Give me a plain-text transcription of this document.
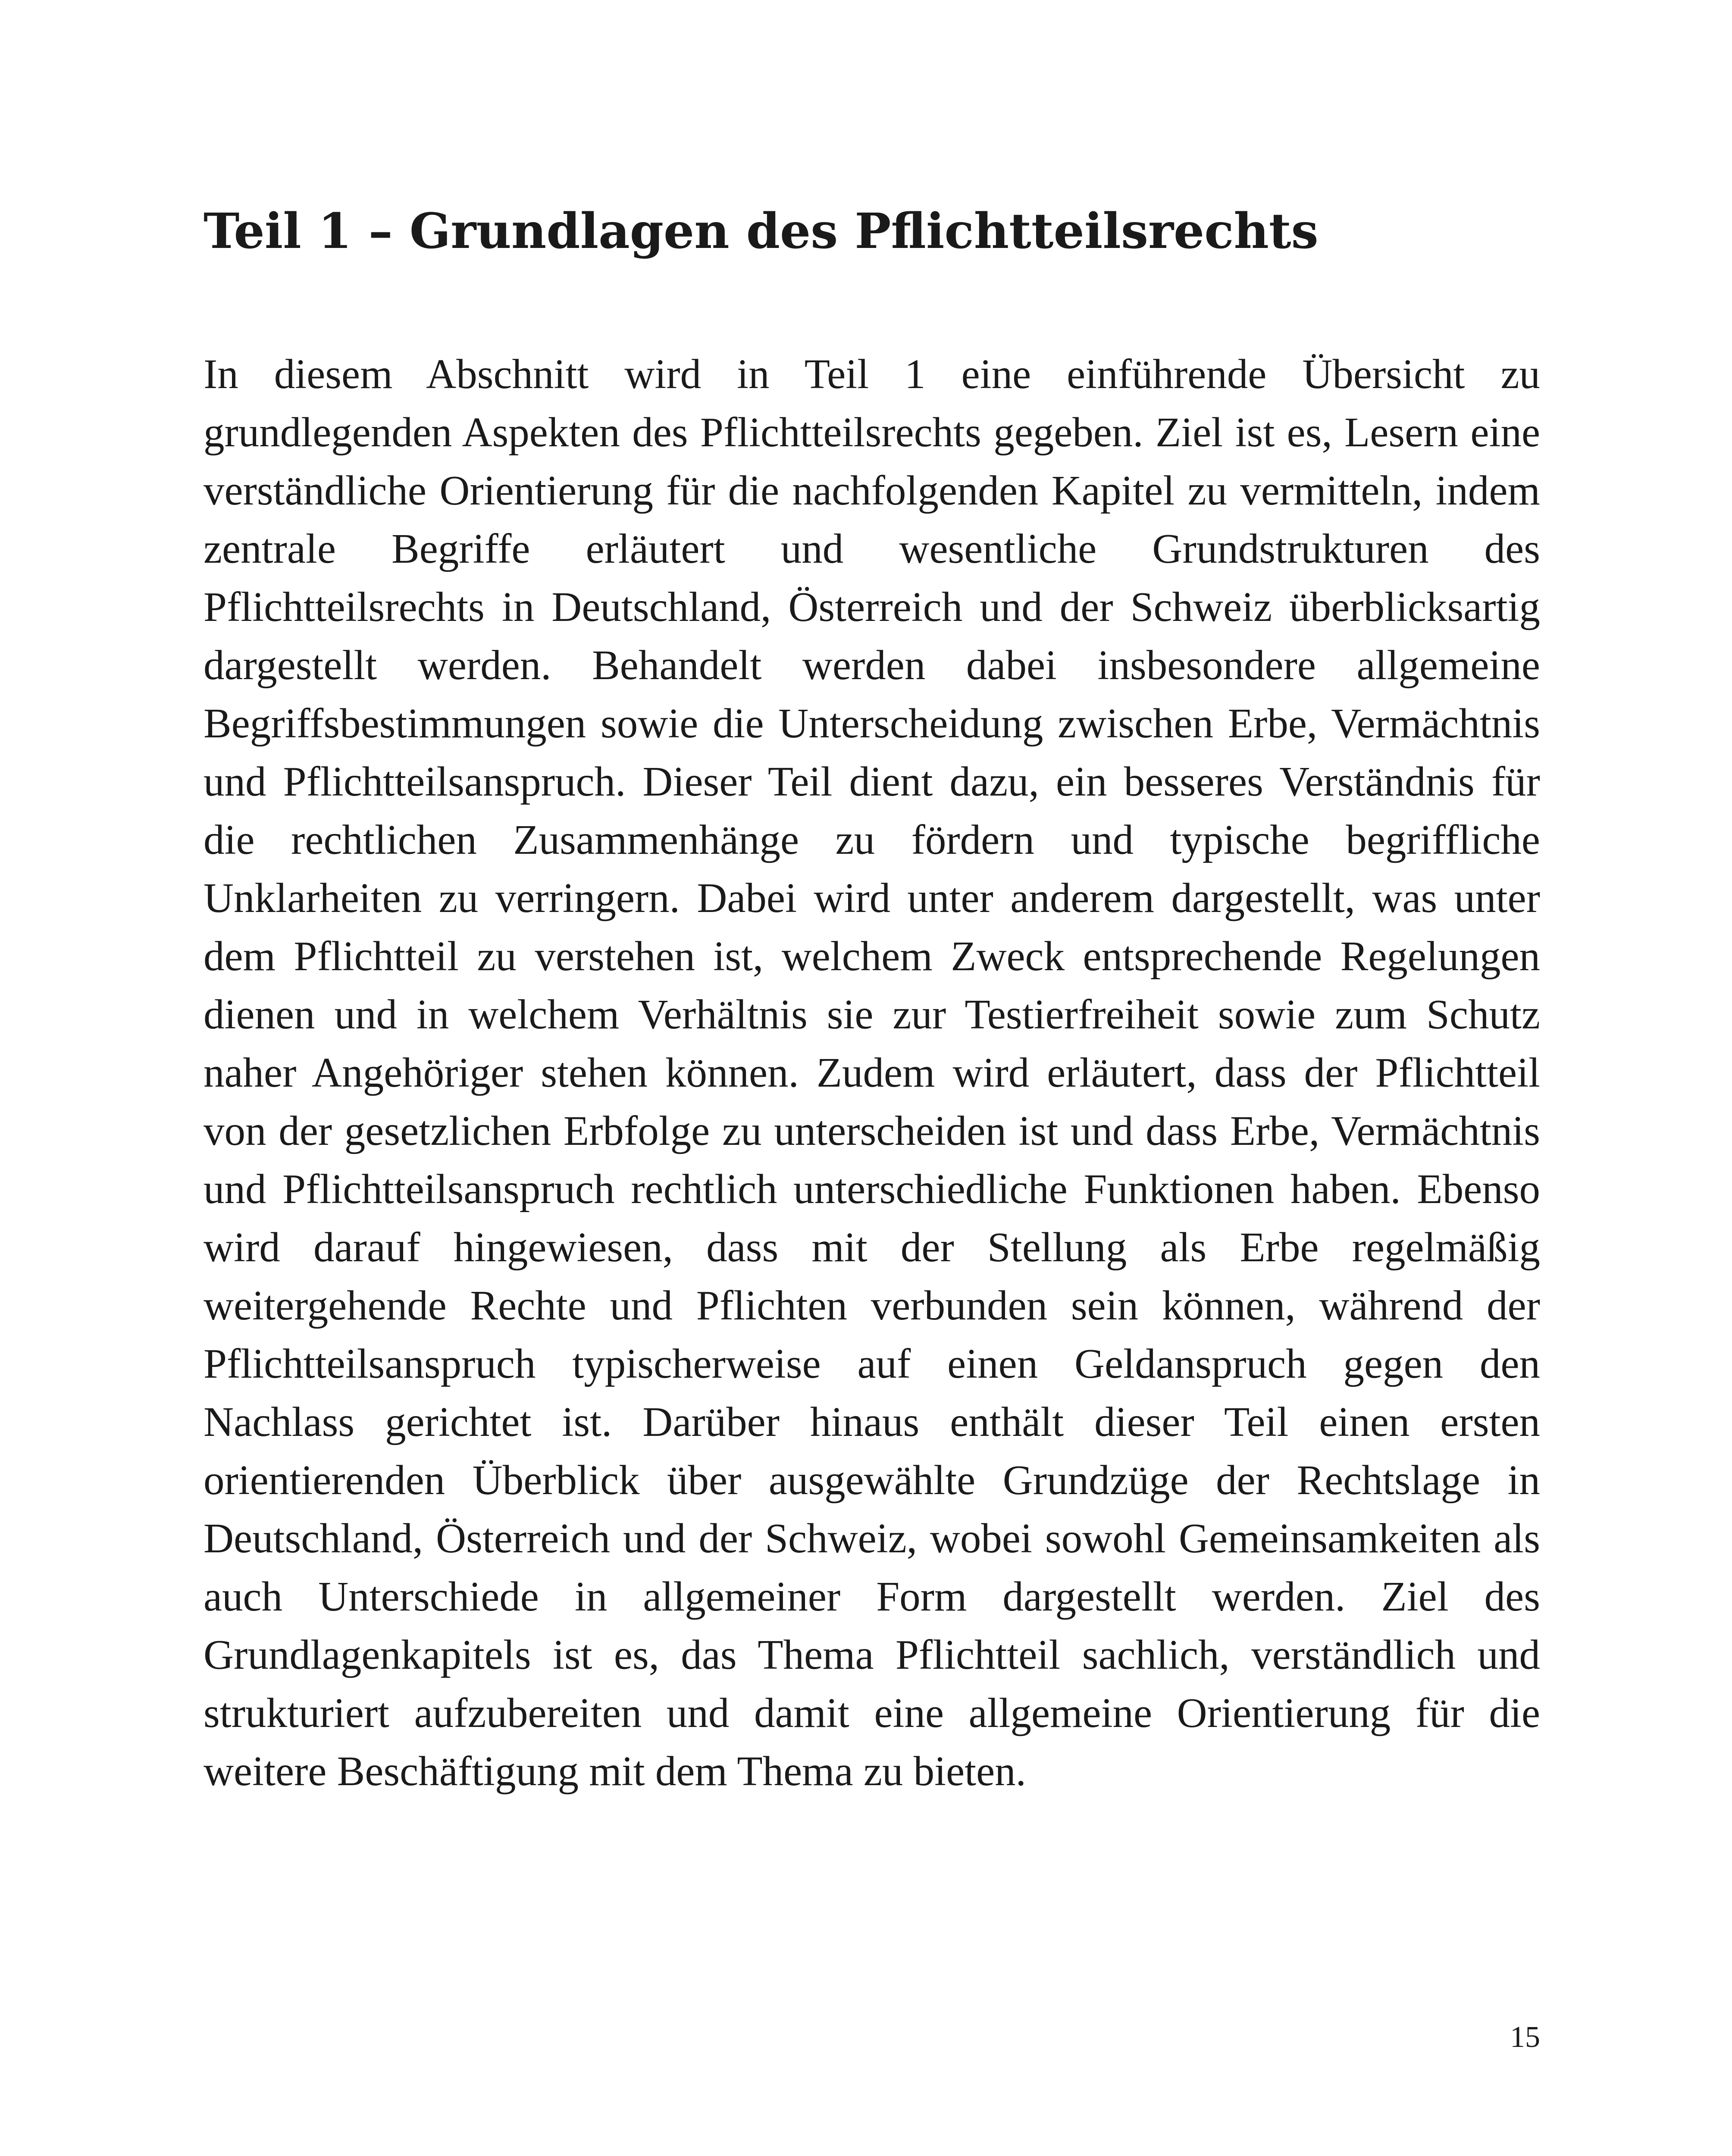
Teil 1 – Grundlagen des Pflichtteilsrechts

In diesem Abschnitt wird in Teil 1 eine einführende Übersicht zu grundlegenden Aspekten des Pflichtteilsrechts gegeben. Ziel ist es, Lesern eine verständliche Orientierung für die nachfolgenden Kapitel zu vermitteln, indem zentrale Begriffe erläutert und wesentliche Grundstrukturen des Pflichtteilsrechts in Deutschland, Österreich und der Schweiz überblicksartig dargestellt werden. Behandelt werden dabei insbesondere allgemeine Begriffsbestimmungen sowie die Unterscheidung zwischen Erbe, Vermächtnis und Pflichtteilsanspruch. Dieser Teil dient dazu, ein besseres Verständnis für die rechtlichen Zusammenhänge zu fördern und typische begriffliche Unklarheiten zu verringern. Dabei wird unter anderem dargestellt, was unter dem Pflichtteil zu verstehen ist, welchem Zweck entsprechende Regelungen dienen und in welchem Verhältnis sie zur Testierfreiheit sowie zum Schutz naher Angehöriger stehen können. Zudem wird erläutert, dass der Pflichtteil von der gesetzlichen Erbfolge zu unterscheiden ist und dass Erbe, Vermächtnis und Pflichtteilsanspruch rechtlich unterschiedliche Funktionen haben. Ebenso wird darauf hingewiesen, dass mit der Stellung als Erbe regelmäßig weitergehende Rechte und Pflichten verbunden sein können, während der Pflichtteilsanspruch typischerweise auf einen Geldanspruch gegen den Nachlass gerichtet ist. Darüber hinaus enthält dieser Teil einen ersten orientierenden Überblick über ausgewählte Grundzüge der Rechtslage in Deutschland, Österreich und der Schweiz, wobei sowohl Gemeinsamkeiten als auch Unterschiede in allgemeiner Form dargestellt werden. Ziel des Grundlagenkapitels ist es, das Thema Pflichtteil sachlich, verständlich und strukturiert aufzubereiten und damit eine allgemeine Orientierung für die weitere Beschäftigung mit dem Thema zu bieten.

15
